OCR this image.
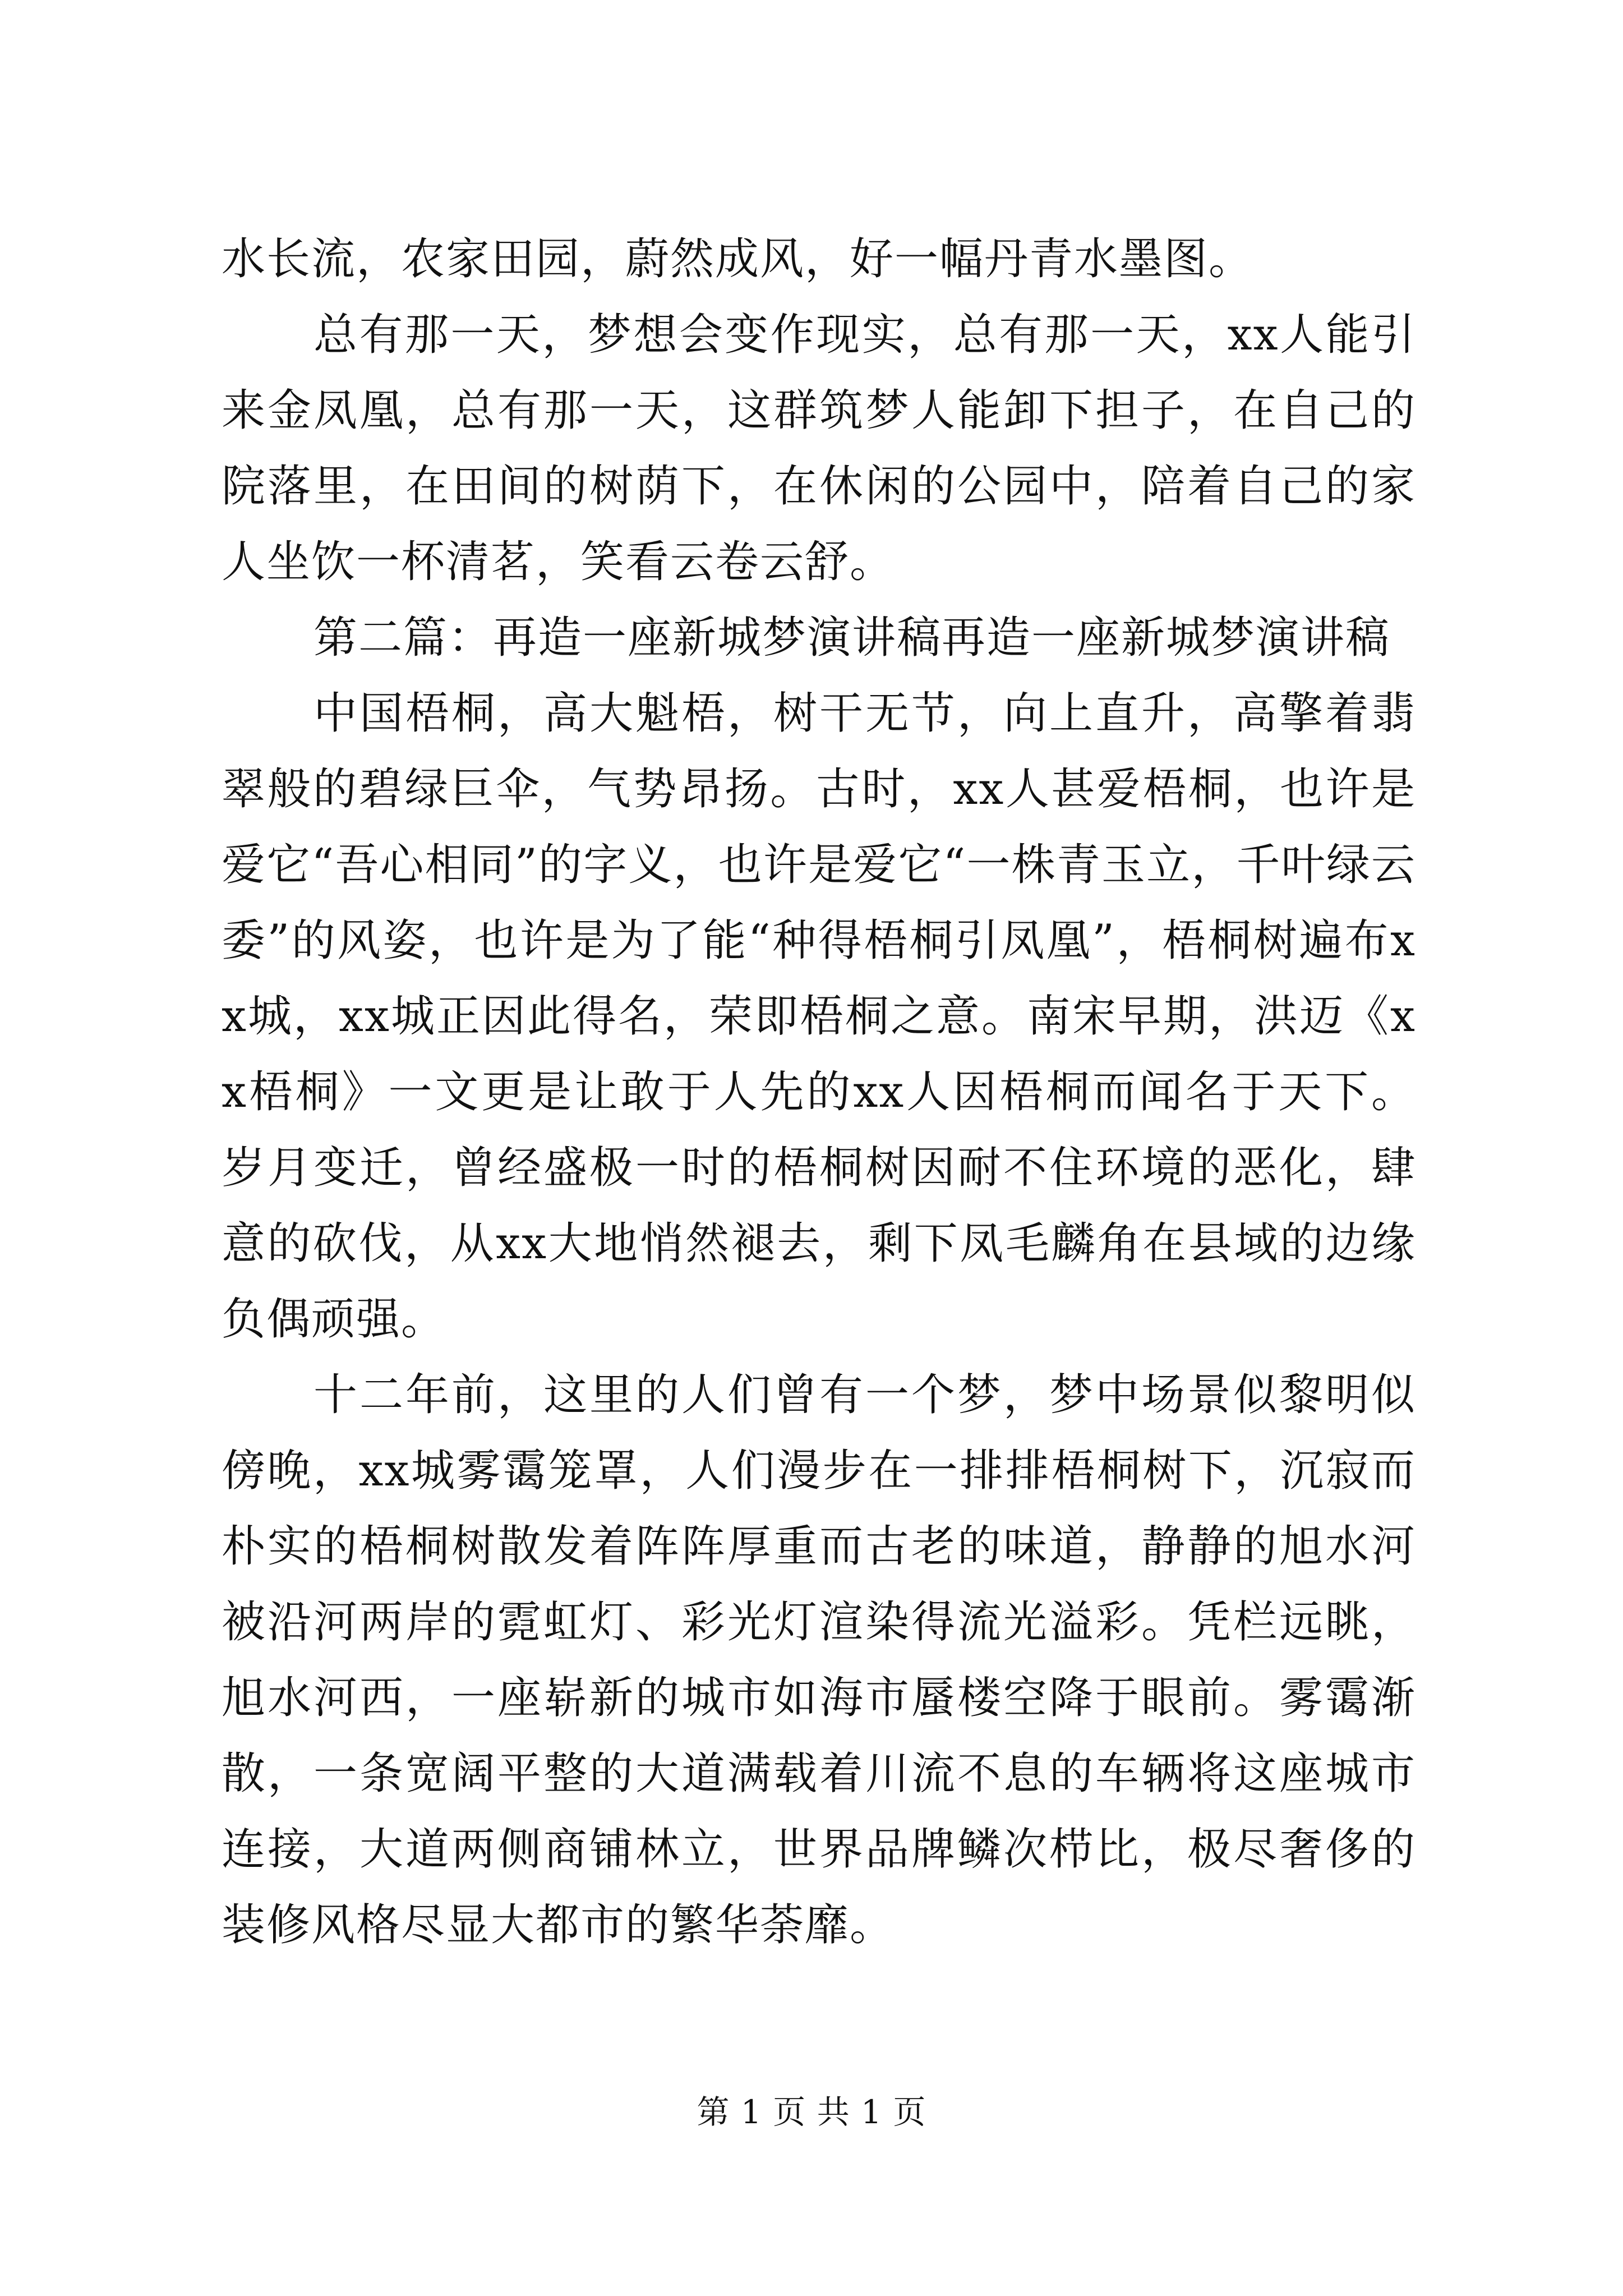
水长流，农家田园，蔚然成风，好一幅丹青水墨图。

总有那一天，梦想会变作现实，总有那一天，xx人能引来金凤凰，总有那一天，这群筑梦人能卸下担子，在自己的院落里，在田间的树荫下，在休闲的公园中，陪着自己的家人坐饮一杯清茗，笑看云卷云舒。

第二篇：再造一座新城梦演讲稿再造一座新城梦演讲稿

中国梧桐，高大魁梧，树干无节，向上直升，高擎着翡翠般的碧绿巨伞，气势昂扬。古时，xx人甚爱梧桐，也许是爱它“吾心相同”的字义，也许是爱它“一株青玉立，千叶绿云委”的风姿，也许是为了能“种得梧桐引凤凰”，梧桐树遍布xx城，xx城正因此得名，荣即梧桐之意。南宋早期，洪迈《xx梧桐》一文更是让敢于人先的xx人因梧桐而闻名于天下。岁月变迁，曾经盛极一时的梧桐树因耐不住环境的恶化，肆意的砍伐，从xx大地悄然褪去，剩下凤毛麟角在县域的边缘负偶顽强。

十二年前，这里的人们曾有一个梦，梦中场景似黎明似傍晚，xx城雾霭笼罩，人们漫步在一排排梧桐树下，沉寂而朴实的梧桐树散发着阵阵厚重而古老的味道，静静的旭水河被沿河两岸的霓虹灯、彩光灯渲染得流光溢彩。凭栏远眺，旭水河西，一座崭新的城市如海市蜃楼空降于眼前。雾霭渐散，一条宽阔平整的大道满载着川流不息的车辆将这座城市连接，大道两侧商铺林立，世界品牌鳞次栉比，极尽奢侈的装修风格尽显大都市的繁华荼靡。

第 1 页 共 1 页
